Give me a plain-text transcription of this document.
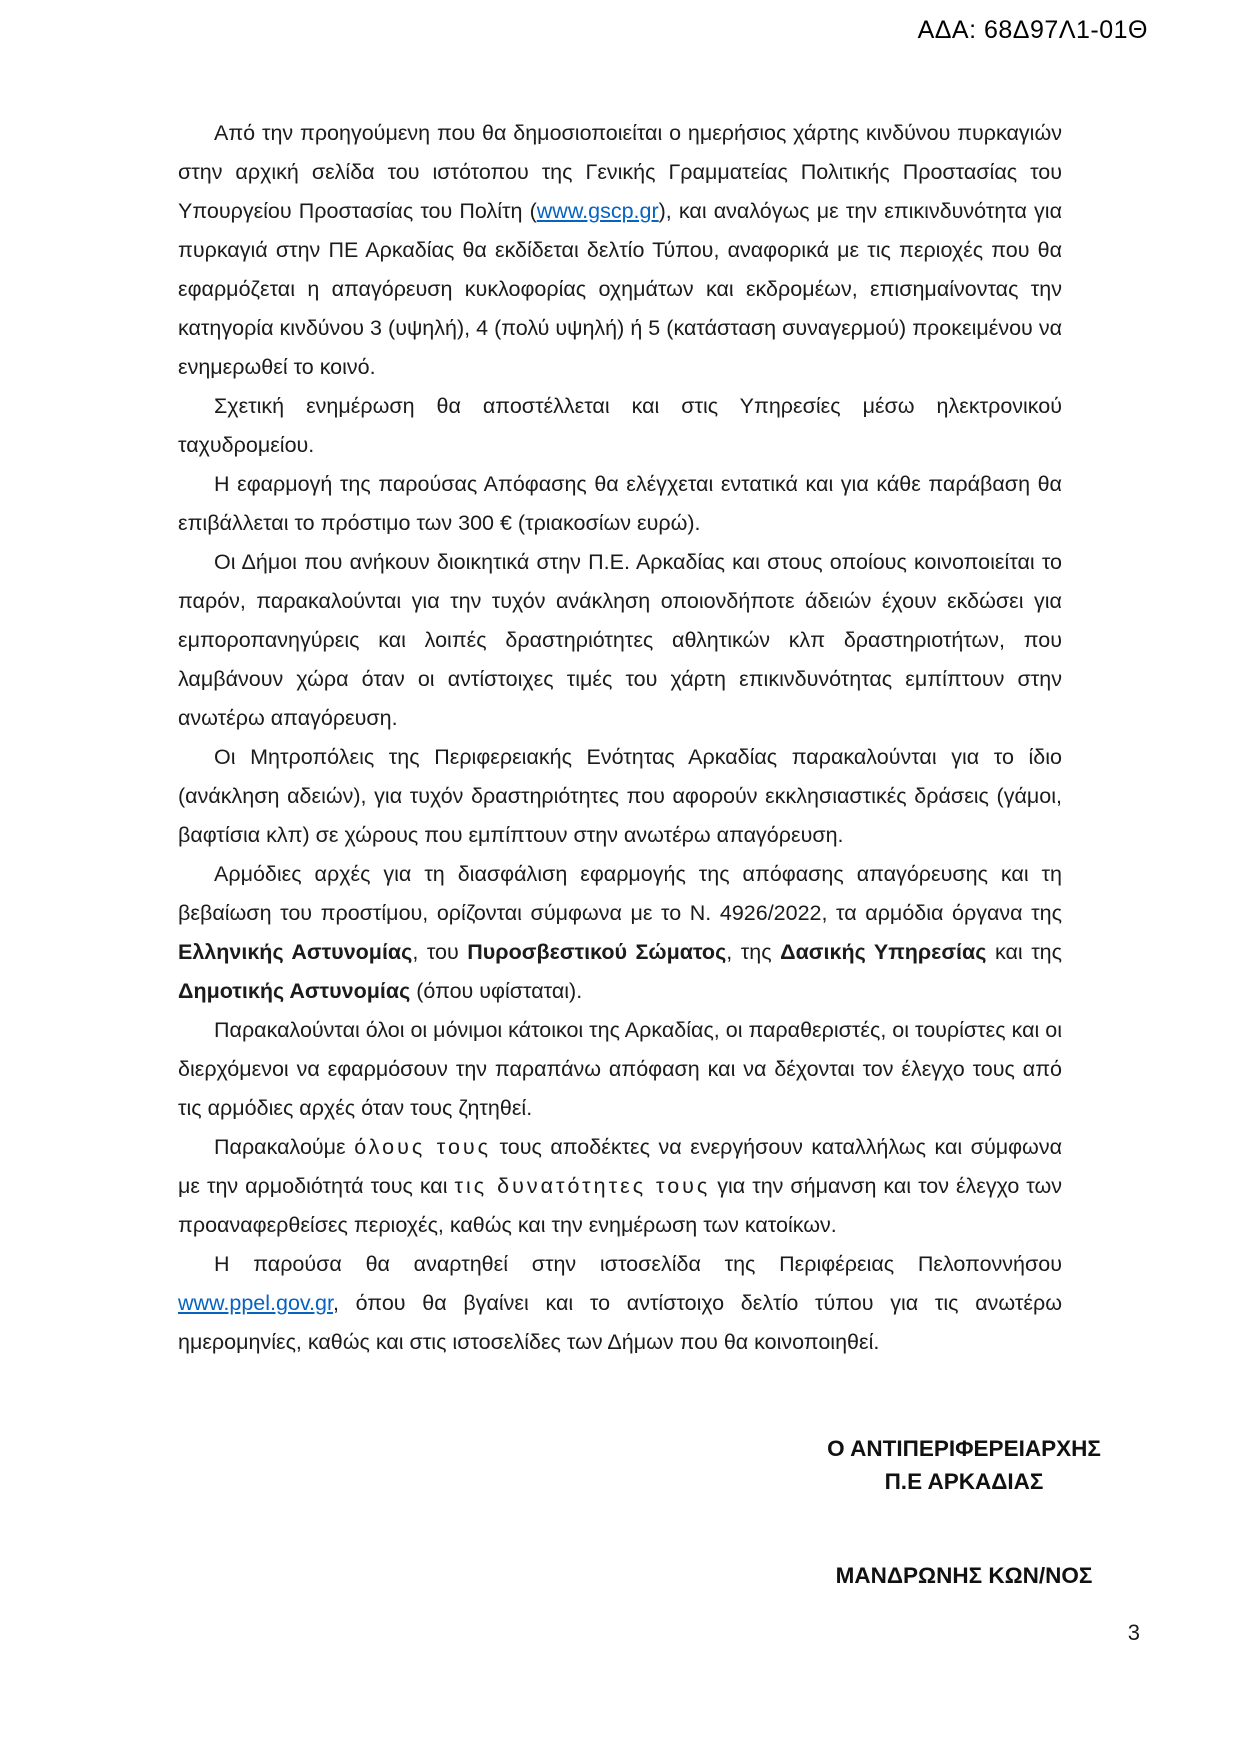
ΑΔΑ: 68Δ97Λ1-01Θ

Από την προηγούμενη που θα δημοσιοποιείται ο ημερήσιος χάρτης κινδύνου πυρκαγιών στην αρχική σελίδα του ιστότοπου της Γενικής Γραμματείας Πολιτικής Προστασίας του Υπουργείου Προστασίας του Πολίτη (www.gscp.gr), και αναλόγως με την επικινδυνότητα για πυρκαγιά στην ΠΕ Αρκαδίας θα εκδίδεται δελτίο Τύπου, αναφορικά με τις περιοχές που θα εφαρμόζεται η απαγόρευση κυκλοφορίας οχημάτων και εκδρομέων, επισημαίνοντας την κατηγορία κινδύνου 3 (υψηλή), 4 (πολύ υψηλή) ή 5 (κατάσταση συναγερμού) προκειμένου να ενημερωθεί το κοινό.

Σχετική ενημέρωση θα αποστέλλεται και στις Υπηρεσίες μέσω ηλεκτρονικού ταχυδρομείου.

Η εφαρμογή της παρούσας Απόφασης θα ελέγχεται εντατικά και για κάθε παράβαση θα επιβάλλεται το πρόστιμο των 300 € (τριακοσίων ευρώ).

Οι Δήμοι που ανήκουν διοικητικά στην Π.Ε. Αρκαδίας και στους οποίους κοινοποιείται το παρόν, παρακαλούνται για την τυχόν ανάκληση οποιονδήποτε άδειών έχουν εκδώσει για εμποροπανηγύρεις και λοιπές δραστηριότητες αθλητικών κλπ δραστηριοτήτων, που λαμβάνουν χώρα όταν οι αντίστοιχες τιμές του χάρτη επικινδυνότητας εμπίπτουν στην ανωτέρω απαγόρευση.

Οι Μητροπόλεις της Περιφερειακής Ενότητας Αρκαδίας παρακαλούνται για το ίδιο (ανάκληση αδειών), για τυχόν δραστηριότητες που αφορούν εκκλησιαστικές δράσεις (γάμοι, βαφτίσια κλπ) σε χώρους που εμπίπτουν στην ανωτέρω απαγόρευση.

Αρμόδιες αρχές για τη διασφάλιση εφαρμογής της απόφασης απαγόρευσης και τη βεβαίωση του προστίμου, ορίζονται σύμφωνα με το Ν. 4926/2022, τα αρμόδια όργανα της Ελληνικής Αστυνομίας, του Πυροσβεστικού Σώματος, της Δασικής Υπηρεσίας και της Δημοτικής Αστυνομίας (όπου υφίσταται).

Παρακαλούνται όλοι οι μόνιμοι κάτοικοι της Αρκαδίας, οι παραθεριστές, οι τουρίστες και οι διερχόμενοι να εφαρμόσουν την παραπάνω απόφαση και να δέχονται τον έλεγχο τους από τις αρμόδιες αρχές όταν τους ζητηθεί.

Παρακαλούμε όλους τους τους αποδέκτες να ενεργήσουν καταλλήλως και σύμφωνα με την αρμοδιότητά τους και τις δυνατότητες τους για την σήμανση και τον έλεγχο των προαναφερθείσες περιοχές, καθώς και την ενημέρωση των κατοίκων.

Η παρούσα θα αναρτηθεί στην ιστοσελίδα της Περιφέρειας Πελοποννήσου www.ppel.gov.gr, όπου θα βγαίνει και το αντίστοιχο δελτίο τύπου για τις ανωτέρω ημερομηνίες, καθώς και στις ιστοσελίδες των Δήμων που θα κοινοποιηθεί.

Ο ΑΝΤΙΠΕΡΙΦΕΡΕΙΑΡΧΗΣ
Π.Ε ΑΡΚΑΔΙΑΣ
ΜΑΝΔΡΩΝΗΣ ΚΩΝ/ΝΟΣ
3
